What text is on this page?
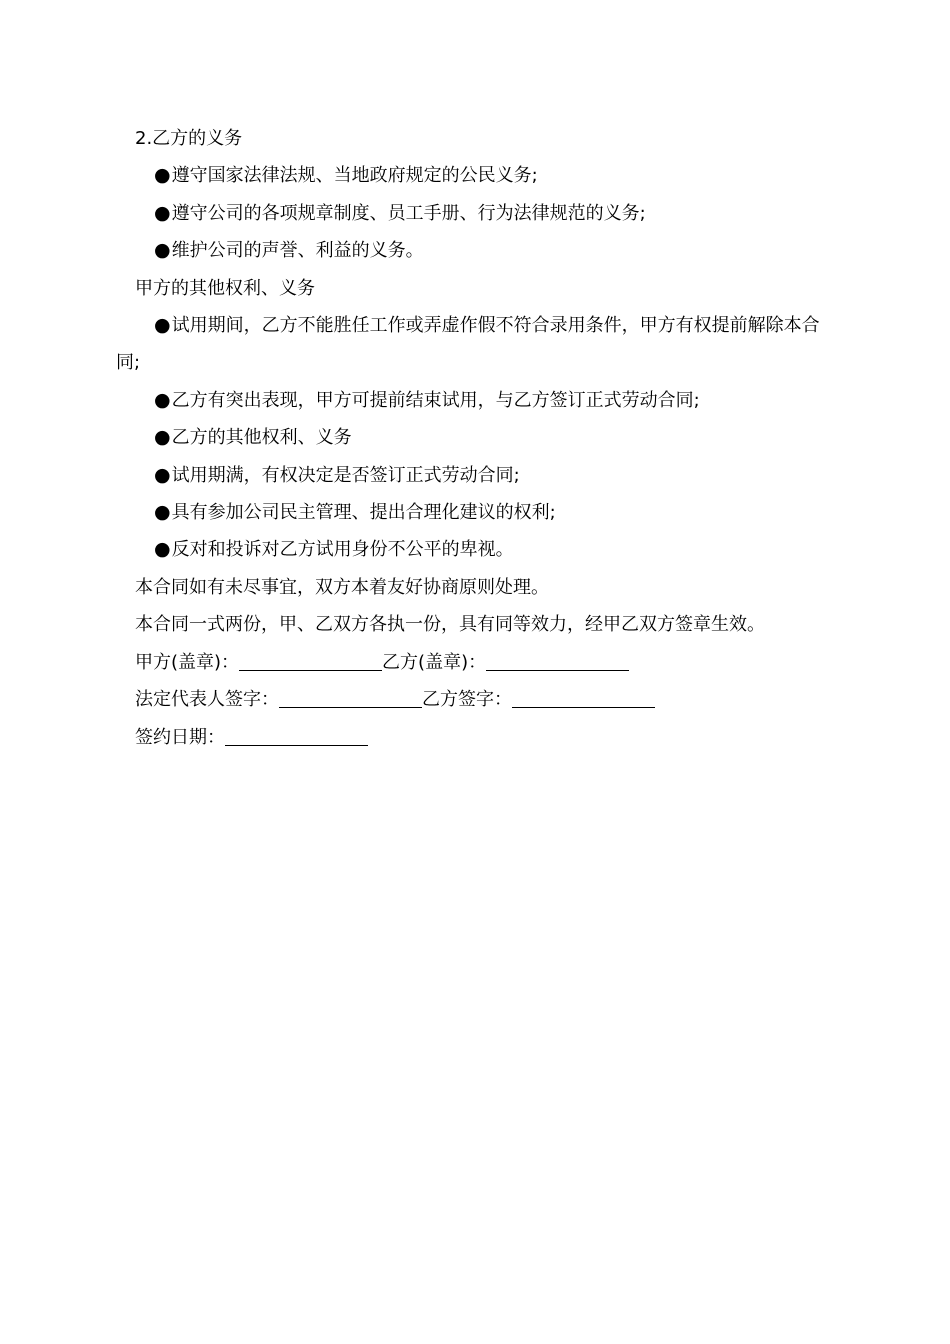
2.乙方的义务

●遵守国家法律法规、当地政府规定的公民义务;

●遵守公司的各项规章制度、员工手册、行为法律规范的义务;

●维护公司的声誉、利益的义务。

甲方的其他权利、义务

●试用期间，乙方不能胜任工作或弄虚作假不符合录用条件，甲方有权提前解除本合同;

●乙方有突出表现，甲方可提前结束试用，与乙方签订正式劳动合同;

●乙方的其他权利、义务

●试用期满，有权决定是否签订正式劳动合同;

●具有参加公司民主管理、提出合理化建议的权利;

●反对和投诉对乙方试用身份不公平的卑视。

本合同如有未尽事宜，双方本着友好协商原则处理。

本合同一式两份，甲、乙双方各执一份，具有同等效力，经甲乙双方签章生效。

甲方(盖章)：	乙方(盖章)：

法定代表人签字：	乙方签字：

签约日期：
